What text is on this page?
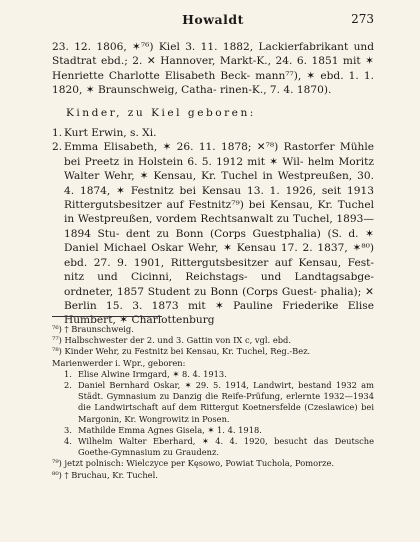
Howaldt	273

23. 12. 1806, ✶⁷⁶) Kiel 3. 11. 1882, Lackierfabrikant und Stadtrat ebd.; 2. ✕ Hannover, Markt-K., 24. 6. 1851 mit ✶ Henriette Charlotte Elisabeth Beck- mann⁷⁷), ✶ ebd. 1. 1. 1820, ✶ Braunschweig, Catha- rinen-K., 7. 4. 1870).

Kinder, zu Kiel geboren:
1. Kurt Erwin, s. Xi.
2. Emma Elisabeth, ✶ 26. 11. 1878; ✕⁷⁸) Rastorfer Mühle bei Preetz in Holstein 6. 5. 1912 mit ✶ Wil- helm Moritz Walter Wehr, ✶ Kensau, Kr. Tuchel in Westpreußen, 30. 4. 1874, ✶ Festnitz bei Kensau 13. 1. 1926, seit 1913 Rittergutsbesitzer auf Festnitz⁷⁹) bei Kensau, Kr. Tuchel in Westpreußen, vordem Rechtsanwalt zu Tuchel, 1893—1894 Stu- dent zu Bonn (Corps Guestphalia) (S. d. ✶ Daniel Michael Oskar Wehr, ✶ Kensau 17. 2. 1837, ✶⁸⁰) ebd. 27. 9. 1901, Rittergutsbesitzer auf Kensau, Fest- nitz und Cicinni, Reichstags- und Landtagsabge- ordneter, 1857 Student zu Bonn (Corps Guest- phalia); ✕ Berlin 15. 3. 1873 mit ✶ Pauline Friederike Elise Humbert, ✶ Charlottenburg

⁷⁶) † Braunschweig.

⁷⁷) Halbschwester der 2. und 3. Gattin von IX c, vgl. ebd.

⁷⁸) Kinder Wehr, zu Festnitz bei Kensau, Kr. Tuchel, Reg.-Bez.

Marienwerder i. Wpr., geboren:

1. Elise Alwine Irmgard, ✶ 8. 4. 1913.
2. Daniel Bernhard Oskar, ✶ 29. 5. 1914, Landwirt, bestand 1932 am Städt. Gymnasium zu Danzig die Reife-Prüfung, erlernte 1932—1934 die Landwirtschaft auf dem Rittergut Koetnersfelde (Czeslawice) bei Margonin, Kr. Wongrowitz in Posen.
3. Mathilde Emma Agnes Gisela, ✶ 1. 4. 1918.
4. Wilhelm Walter Eberhard, ✶ 4. 4. 1920, besucht das Deutsche Goethe-Gymnasium zu Graudenz.

⁷⁹) jetzt polnisch: Wielczyce per Kęsowo, Powiat Tuchola, Pomorze.

⁸⁰) † Bruchau, Kr. Tuchel.
